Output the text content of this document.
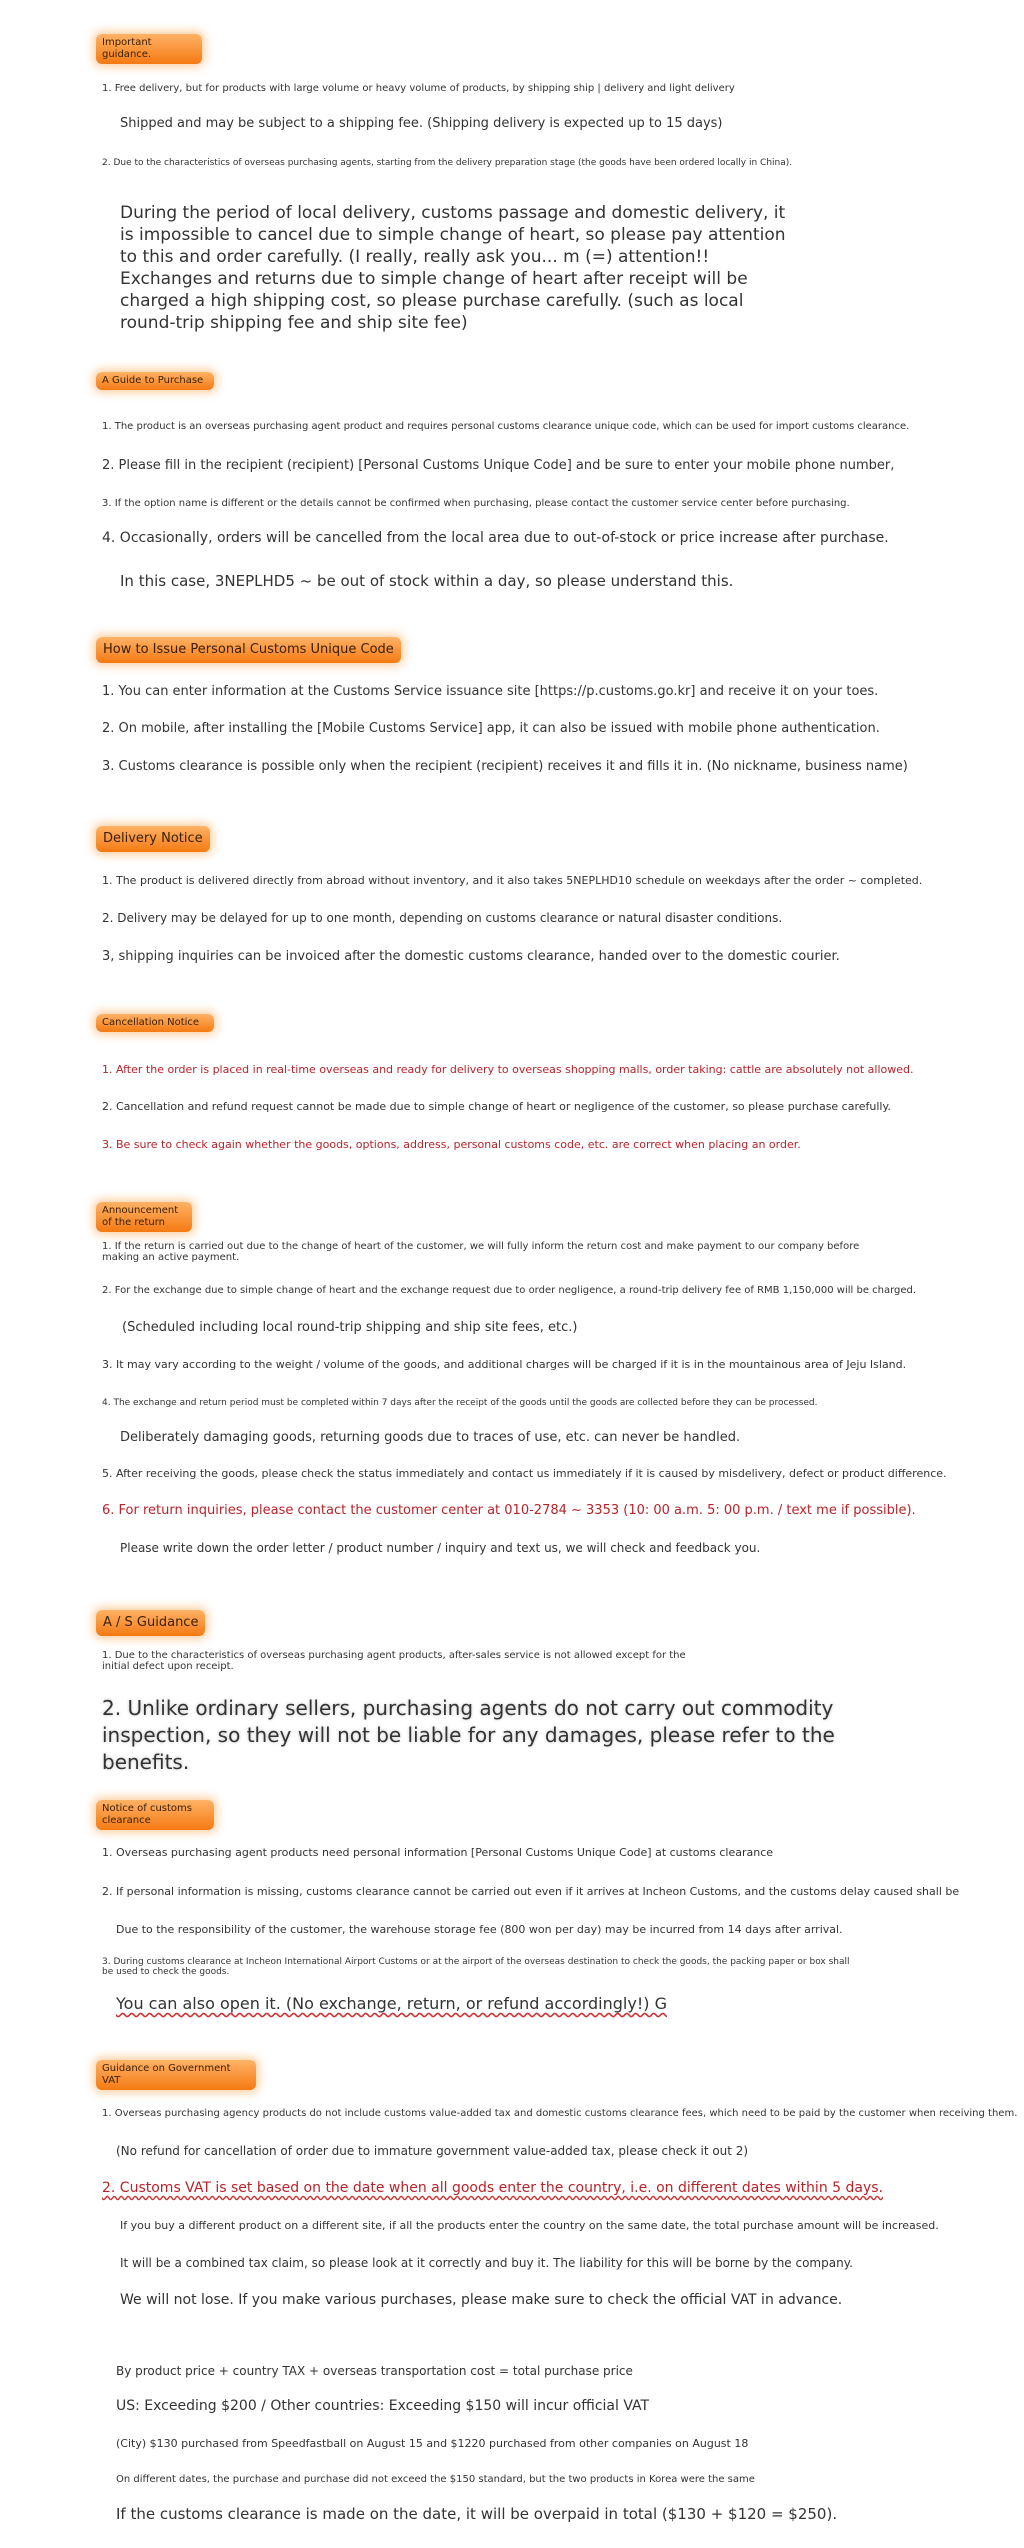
Important guidance.
1. Free delivery, but for products with large volume or heavy volume of products, by shipping ship | delivery and light delivery
Shipped and may be subject to a shipping fee. (Shipping delivery is expected up to 15 days)
2. Due to the characteristics of overseas purchasing agents, starting from the delivery preparation stage (the goods have been ordered locally in China).
During the period of local delivery, customs passage and domestic delivery, it is impossible to cancel due to simple change of heart, so please pay attention to this and order carefully. (I really, really ask you... m (=) attention!! Exchanges and returns due to simple change of heart after receipt will be charged a high shipping cost, so please purchase carefully. (such as local round-trip shipping fee and ship site fee)
A Guide to Purchase
1. The product is an overseas purchasing agent product and requires personal customs clearance unique code, which can be used for import customs clearance.
2. Please fill in the recipient (recipient) [Personal Customs Unique Code] and be sure to enter your mobile phone number,
3. If the option name is different or the details cannot be confirmed when purchasing, please contact the customer service center before purchasing.
4. Occasionally, orders will be cancelled from the local area due to out-of-stock or price increase after purchase.
In this case, 3NEPLHD5 ~ be out of stock within a day, so please understand this.
How to Issue Personal Customs Unique Code
1. You can enter information at the Customs Service issuance site [https://p.customs.go.kr] and receive it on your toes.
2. On mobile, after installing the [Mobile Customs Service] app, it can also be issued with mobile phone authentication.
3. Customs clearance is possible only when the recipient (recipient) receives it and fills it in. (No nickname, business name)
Delivery Notice
1. The product is delivered directly from abroad without inventory, and it also takes 5NEPLHD10 schedule on weekdays after the order ~ completed.
2. Delivery may be delayed for up to one month, depending on customs clearance or natural disaster conditions.
3, shipping inquiries can be invoiced after the domestic customs clearance, handed over to the domestic courier.
Cancellation Notice
1. After the order is placed in real-time overseas and ready for delivery to overseas shopping malls, order taking: cattle are absolutely not allowed.
2. Cancellation and refund request cannot be made due to simple change of heart or negligence of the customer, so please purchase carefully.
3. Be sure to check again whether the goods, options, address, personal customs code, etc. are correct when placing an order.
Announcement of the return
1. If the return is carried out due to the change of heart of the customer, we will fully inform the return cost and make payment to our company before making an active payment.
2. For the exchange due to simple change of heart and the exchange request due to order negligence, a round-trip delivery fee of RMB 1,150,000 will be charged.
(Scheduled including local round-trip shipping and ship site fees, etc.)
3. It may vary according to the weight / volume of the goods, and additional charges will be charged if it is in the mountainous area of Jeju Island.
4. The exchange and return period must be completed within 7 days after the receipt of the goods until the goods are collected before they can be processed.
Deliberately damaging goods, returning goods due to traces of use, etc. can never be handled.
5. After receiving the goods, please check the status immediately and contact us immediately if it is caused by misdelivery, defect or product difference.
6. For return inquiries, please contact the customer center at 010-2784 ~ 3353 (10: 00 a.m. 5: 00 p.m. / text me if possible).
Please write down the order letter / product number / inquiry and text us, we will check and feedback you.
A / S Guidance
1. Due to the characteristics of overseas purchasing agent products, after-sales service is not allowed except for the initial defect upon receipt.
2. Unlike ordinary sellers, purchasing agents do not carry out commodity inspection, so they will not be liable for any damages, please refer to the benefits.
Notice of customs clearance
1. Overseas purchasing agent products need personal information [Personal Customs Unique Code] at customs clearance
2. If personal information is missing, customs clearance cannot be carried out even if it arrives at Incheon Customs, and the customs delay caused shall be
Due to the responsibility of the customer, the warehouse storage fee (800 won per day) may be incurred from 14 days after arrival.
3. During customs clearance at Incheon International Airport Customs or at the airport of the overseas destination to check the goods, the packing paper or box shall be used to check the goods.
You can also open it. (No exchange, return, or refund accordingly!) G
Guidance on Government VAT
1. Overseas purchasing agency products do not include customs value-added tax and domestic customs clearance fees, which need to be paid by the customer when receiving them.
(No refund for cancellation of order due to immature government value-added tax, please check it out 2)
2. Customs VAT is set based on the date when all goods enter the country, i.e. on different dates within 5 days.
If you buy a different product on a different site, if all the products enter the country on the same date, the total purchase amount will be increased.
It will be a combined tax claim, so please look at it correctly and buy it. The liability for this will be borne by the company.
We will not lose. If you make various purchases, please make sure to check the official VAT in advance.
By product price + country TAX + overseas transportation cost = total purchase price
US: Exceeding $200 / Other countries: Exceeding $150 will incur official VAT
(City) $130 purchased from Speedfastball on August 15 and $1220 purchased from other companies on August 18
On different dates, the purchase and purchase did not exceed the $150 standard, but the two products in Korea were the same
If the customs clearance is made on the date, it will be overpaid in total ($130 + $120 = $250).
